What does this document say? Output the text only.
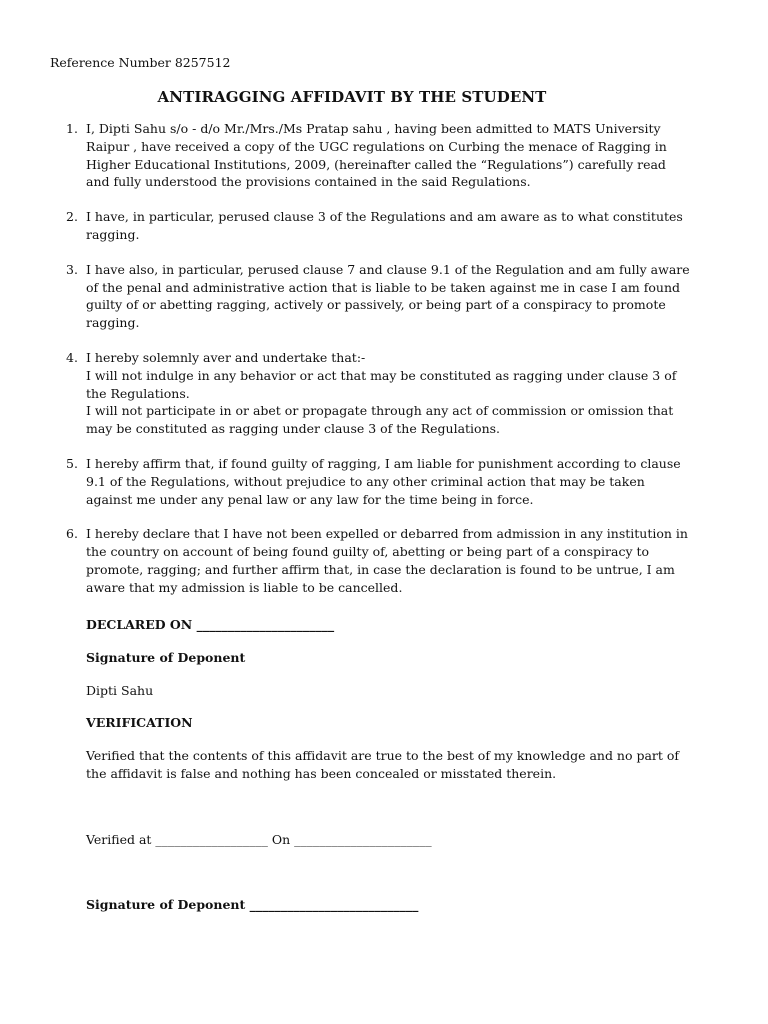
Reference Number 8257512
ANTIRAGGING AFFIDAVIT BY THE STUDENT
1. I, Dipti Sahu s/o - d/o Mr./Mrs./Ms Pratap sahu , having been admitted to MATS University
Raipur , have received a copy of the UGC regulations on Curbing the menace of Ragging in
Higher Educational Institutions, 2009, (hereinafter called the “Regulations”) carefully read
and fully understood the provisions contained in the said Regulations.
2. I have, in particular, perused clause 3 of the Regulations and am aware as to what constitutes
ragging.
3. I have also, in particular, perused clause 7 and clause 9.1 of the Regulation and am fully aware
of the penal and administrative action that is liable to be taken against me in case I am found
guilty of or abetting ragging, actively or passively, or being part of a conspiracy to promote
ragging.
4. I hereby solemnly aver and undertake that:-
I will not indulge in any behavior or act that may be constituted as ragging under clause 3 of
the Regulations.
I will not participate in or abet or propagate through any act of commission or omission that
may be constituted as ragging under clause 3 of the Regulations.
5. I hereby affirm that, if found guilty of ragging, I am liable for punishment according to clause
9.1 of the Regulations, without prejudice to any other criminal action that may be taken
against me under any penal law or any law for the time being in force.
6. I hereby declare that I have not been expelled or debarred from admission in any institution in
the country on account of being found guilty of, abetting or being part of a conspiracy to
promote, ragging; and further affirm that, in case the declaration is found to be untrue, I am
aware that my admission is liable to be cancelled.
DECLARED ON ______________________
Signature of Deponent
Dipti Sahu
VERIFICATION
Verified that the contents of this affidavit are true to the best of my knowledge and no part of
the affidavit is false and nothing has been concealed or misstated therein.
Verified at __________________ On ______________________
Signature of Deponent ___________________________
